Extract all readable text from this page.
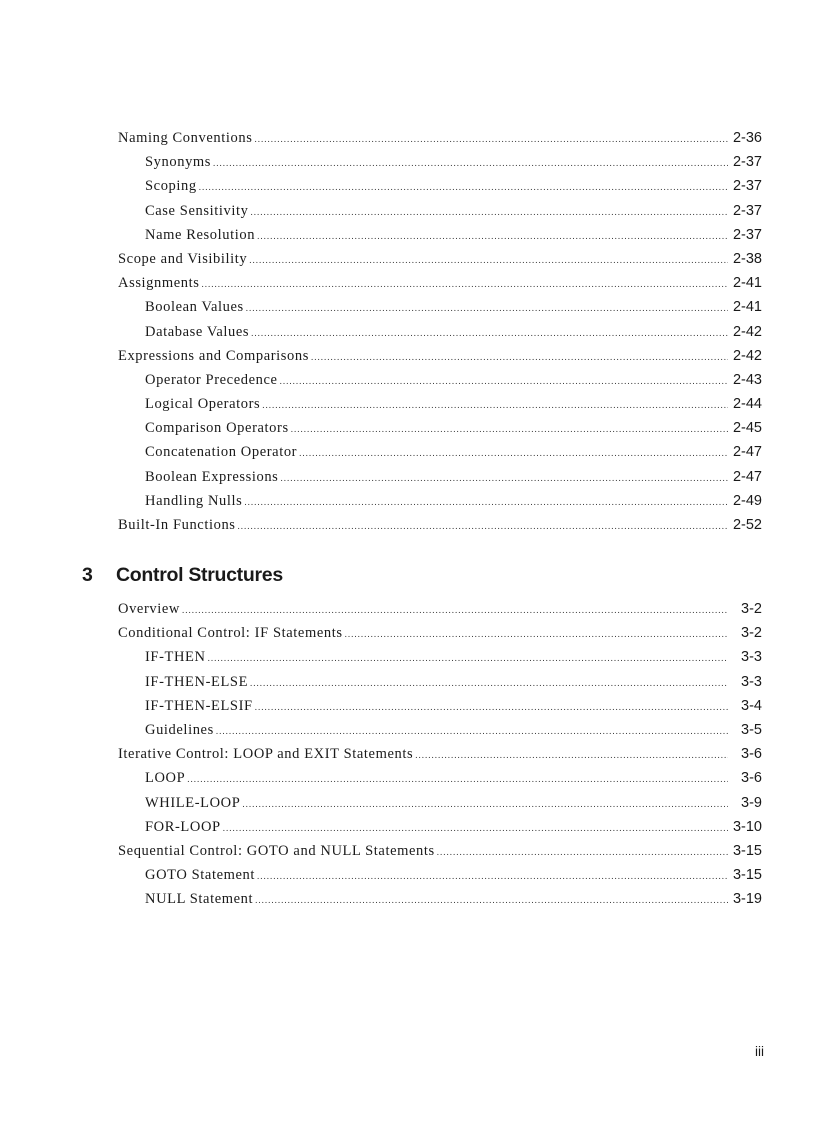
Naming Conventions .....	2-36
Synonyms .....	2-37
Scoping .....	2-37
Case Sensitivity .....	2-37
Name Resolution .....	2-37
Scope and Visibility .....	2-38
Assignments .....	2-41
Boolean Values .....	2-41
Database Values .....	2-42
Expressions and Comparisons .....	2-42
Operator Precedence .....	2-43
Logical Operators .....	2-44
Comparison Operators .....	2-45
Concatenation Operator .....	2-47
Boolean Expressions .....	2-47
Handling Nulls .....	2-49
Built-In Functions .....	2-52
3	Control Structures
Overview .....	3-2
Conditional Control: IF Statements .....	3-2
IF-THEN .....	3-3
IF-THEN-ELSE .....	3-3
IF-THEN-ELSIF .....	3-4
Guidelines .....	3-5
Iterative Control: LOOP and EXIT Statements .....	3-6
LOOP .....	3-6
WHILE-LOOP .....	3-9
FOR-LOOP .....	3-10
Sequential Control: GOTO and NULL Statements .....	3-15
GOTO Statement .....	3-15
NULL Statement .....	3-19
iii
